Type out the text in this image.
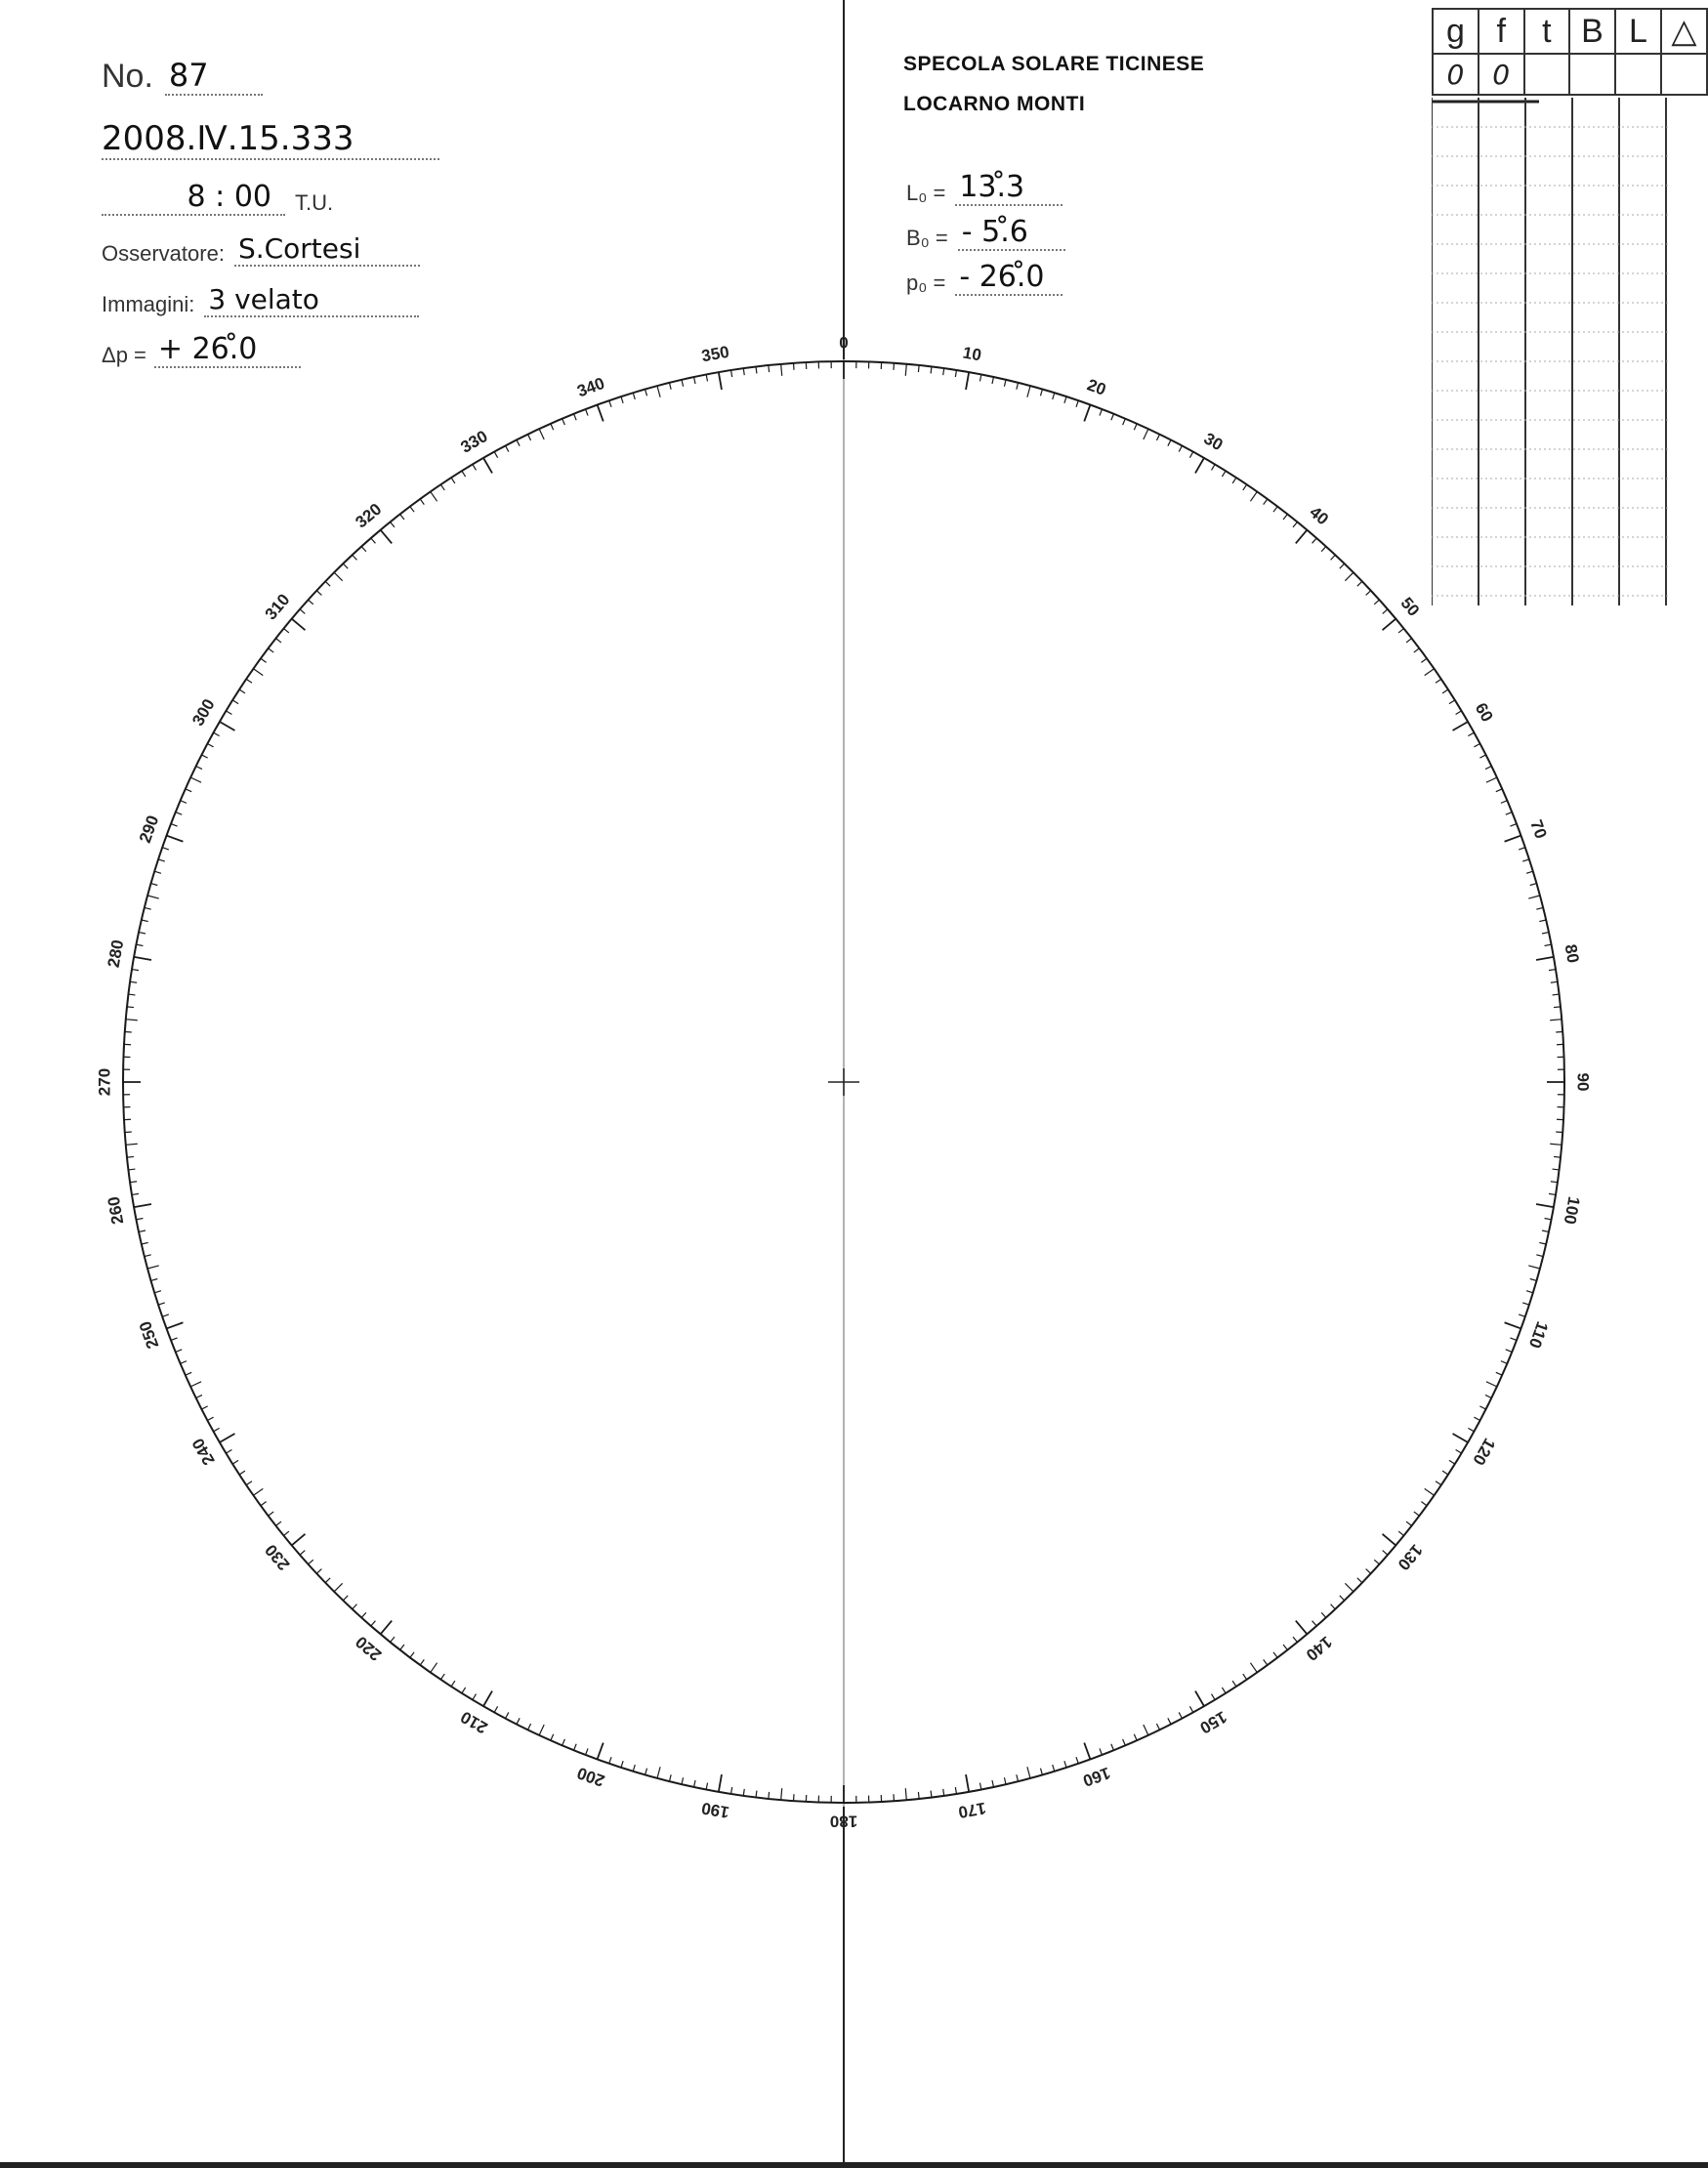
0
10
20
30
40
50
60
70
80
90
100
110
120
130
140
150
160
170
180
190
200
210
220
230
240
250
260
270
280
290
300
310
320
330
340
350
No. 87
2008.Ⅳ.15.333
8 : 00	T.U.
Osservatore: S.Cortesi
Immagini: 3 velato
Δp = + 26.̊0
SPECOLA SOLARE TICINESE
LOCARNO MONTI
L₀ = 13.̊3
B₀ = - 5.̊6
p₀ = - 26.̊0
g	f	t	B	L	△
0	0				
